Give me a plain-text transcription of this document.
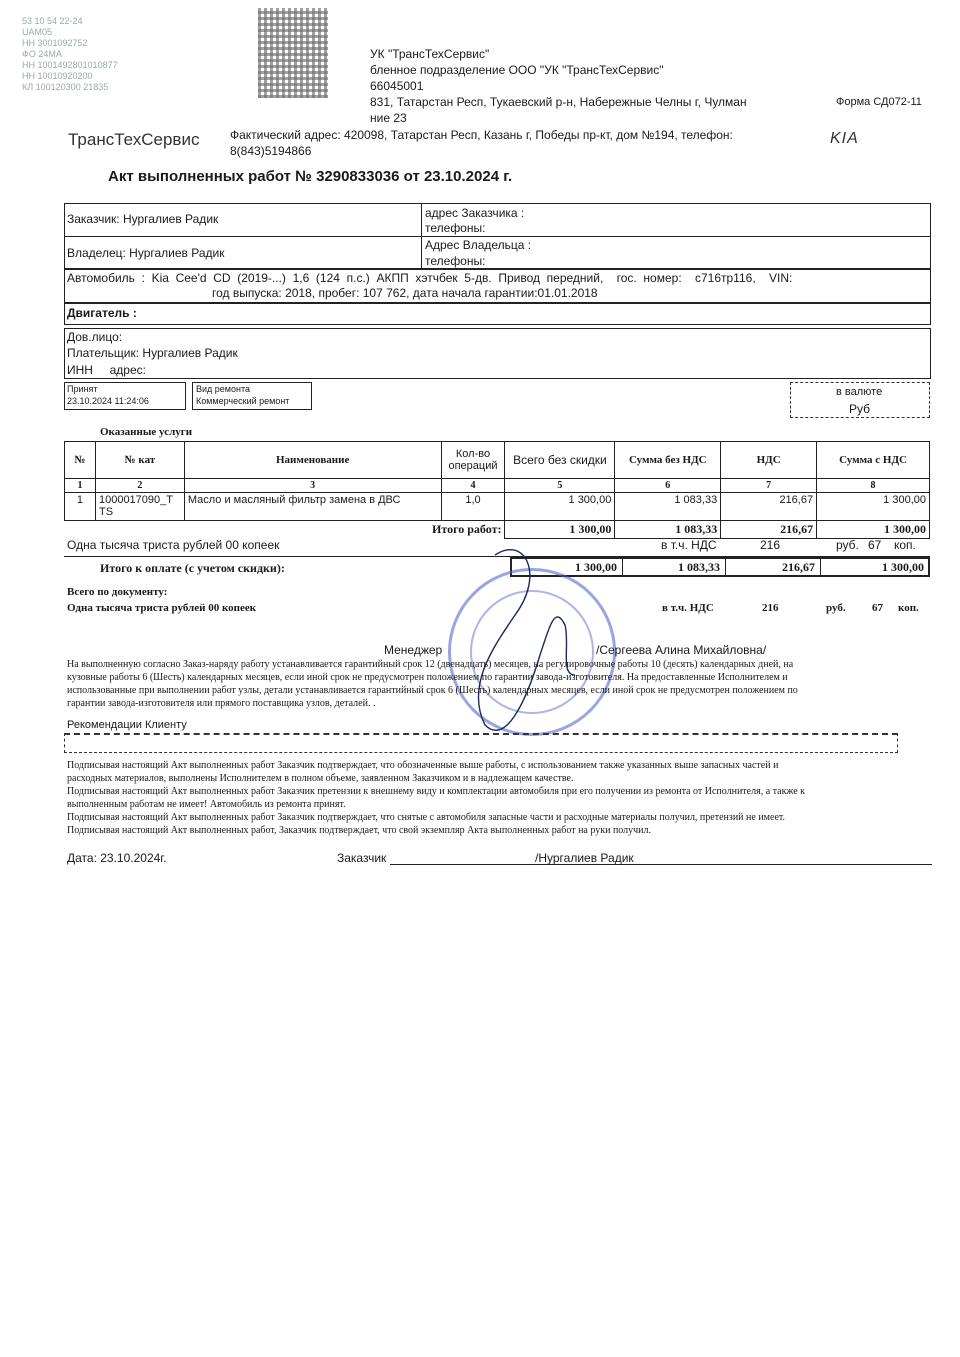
53 10 54 22-24
UAM05
НН 3001092752
ФО 24МА
НН 1001492801010877
НН 10010920200
КЛ 100120300 21835
УК "ТрансТехСервис"
бленное подразделение ООО "УК "ТрансТехСервис"
66045001
831, Татарстан Респ, Тукаевский р-н, Набережные Челны г, Чулман
ние 23
ТрансТехСервис	Фактический адрес: 420098, Татарстан Респ, Казань г, Победы пр-кт, дом №194, телефон:
8(843)5194866
Форма СД072-11
KIA
Акт выполненных работ № 3290833036 от 23.10.2024 г.
Заказчик: Нургалиев Радик	адрес Заказчика :
телефоны:
Владелец: Нургалиев Радик
Адрес Владельца :
телефоны:
Автомобиль  :  Kia  Cee'd  CD  (2019-...)  1,6  (124  п.с.)  АКПП  хэтчбек  5-дв.  Привод  передний,    гос.  номер:    с716тр116,    VIN:
год выпуска: 2018, пробег: 107 762, дата начала гарантии:01.01.2018
Двигатель :
Дов.лицо:
Плательщик: Нургалиев Радик
ИНН     адрес:
Принят
23.10.2024 11:24:06
Вид ремонта
Коммерческий ремонт
в валюте
Руб
Оказанные услуги
№	№ кат	Наименование	Кол-во операций	Всего без скидки	Сумма без НДС	НДС	Сумма с НДС
1	2	3	4	5	6	7	8
1	1000017090_T TS	Масло и масляный фильтр замена в ДВС	1,0	1 300,00	1 083,33	216,67	1 300,00
Итого работ:				1 300,00	1 083,33	216,67	1 300,00
Одна тысяча триста рублей 00 копеек	в т.ч. НДС	216	руб. 67 коп.
Итого к оплате (с учетом скидки):	1 300,00	1 083,33	216,67	1 300,00
Всего по документу:
Одна тысяча триста рублей 00 копеек	в т.ч. НДС	216	руб. 67 коп.
Менеджер	/Сергеева Алина Михайловна/
На выполненную согласно Заказ-наряду работу устанавливается гарантийный срок 12 (двенадцать) месяцев, на регулировочные работы 10 (десять) календарных дней, на
кузовные работы 6 (Шесть) календарных месяцев, если иной срок не предусмотрен положением по гарантии завода-изготовителя. На предоставленные Исполнителем и
использованные при выполнении работ узлы, детали устанавливается гарантийный срок 6 (Шесть) календарных месяцев, если иной срок не предусмотрен положением по
гарантии завода-изготовителя или прямого поставщика узлов, деталей. .
Рекомендации Клиенту
Подписывая настоящий Акт выполненных работ Заказчик подтверждает, что обозначенные выше работы, с использованием также указанных выше запасных частей и
расходных материалов, выполнены Исполнителем в полном объеме, заявленном Заказчиком и в надлежащем качестве.
Подписывая настоящий Акт выполненных работ Заказчик претензии к внешнему виду и комплектации автомобиля при его получении из ремонта от Исполнителя, а также к
выполненным работам не имеет! Автомобиль из ремонта принят.
Подписывая настоящий Акт выполненных работ Заказчик подтверждает, что снятые с автомобиля запасные части и расходные материалы получил, претензий не имеет.
Подписывая настоящий Акт выполненных работ, Заказчик подтверждает, что свой экземпляр Акта выполненных работ на руки получил.
Дата: 23.10.2024г.	Заказчик	/Нургалиев Радик
